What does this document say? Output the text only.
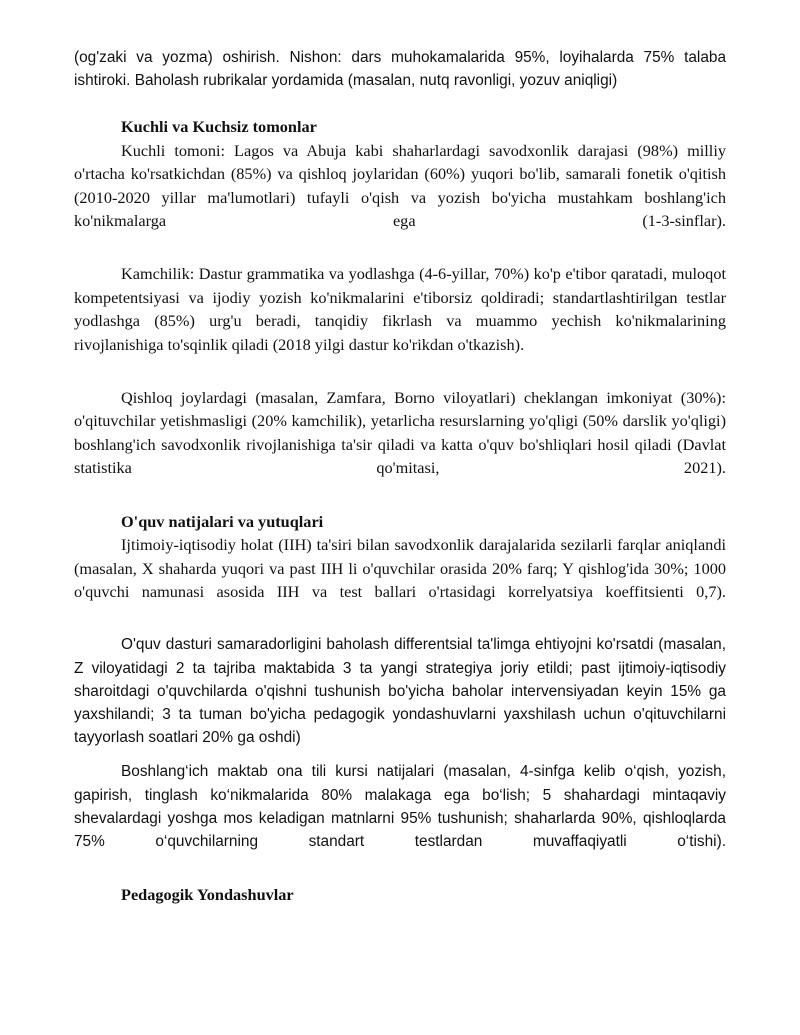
(og'zaki va yozma) oshirish. Nishon: dars muhokamalarida 95%, loyihalarda 75% talaba

ishtiroki. Baholash rubrikalar yordamida (masalan, nutq ravonligi, yozuv aniqligi)

Kuchli va Kuchsiz tomonlar

Kuchli tomoni: Lagos va Abuja kabi shaharlardagi savodxonlik darajasi (98%) milliy o'rtacha ko'rsatkichdan (85%) va qishloq joylaridan (60%) yuqori bo'lib, samarali fonetik o'qitish (2010-2020 yillar ma'lumotlari) tufayli o'qish va yozish bo'yicha mustahkam boshlang'ich ko'nikmalarga ega (1-3-sinflar).

Kamchilik: Dastur grammatika va yodlashga (4-6-yillar, 70%) ko'p e'tibor qaratadi, muloqot kompetentsiyasi va ijodiy yozish ko'nikmalarini e'tiborsiz qoldiradi; standartlashtirilgan testlar yodlashga (85%) urg'u beradi, tanqidiy fikrlash va muammo yechish ko'nikmalarining rivojlanishiga to'sqinlik qiladi (2018 yilgi dastur ko'rikdan o'tkazish).

Qishloq joylardagi (masalan, Zamfara, Borno viloyatlari) cheklangan imkoniyat (30%): o'qituvchilar yetishmasligi (20% kamchilik), yetarlicha resurslarning yo'qligi (50% darslik yo'qligi) boshlang'ich savodxonlik rivojlanishiga ta'sir qiladi va katta o'quv bo'shliqlari hosil qiladi (Davlat statistika qo'mitasi, 2021).

O'quv natijalari va yutuqlari

Ijtimoiy-iqtisodiy holat (IIH) ta'siri bilan savodxonlik darajalarida sezilarli farqlar aniqlandi (masalan, X shaharda yuqori va past IIH li o'quvchilar orasida 20% farq; Y qishlog'ida 30%; 1000 o'quvchi namunasi asosida IIH va test ballari o'rtasidagi korrelyatsiya koeffitsienti 0,7).

O'quv dasturi samaradorligini baholash differentsial ta'limga ehtiyojni ko'rsatdi (masalan, Z viloyatidagi 2 ta tajriba maktabida 3 ta yangi strategiya joriy etildi; past ijtimoiy-iqtisodiy sharoitdagi o'quvchilarda o'qishni tushunish bo'yicha baholar intervensiyadan keyin 15% ga yaxshilandi; 3 ta tuman bo'yicha pedagogik yondashuvlarni yaxshilash uchun o'qituvchilarni tayyorlash soatlari 20% ga oshdi)

Boshlang‘ich maktab ona tili kursi natijalari (masalan, 4-sinfga kelib o‘qish, yozish, gapirish, tinglash ko‘nikmalarida 80% malakaga ega bo‘lish; 5 shahardagi mintaqaviy shevalardagi yoshga mos keladigan matnlarni 95% tushunish; shaharlarda 90%, qishloqlarda 75% o‘quvchilarning standart testlardan muvaffaqiyatli o‘tishi).

Pedagogik Yondashuvlar
